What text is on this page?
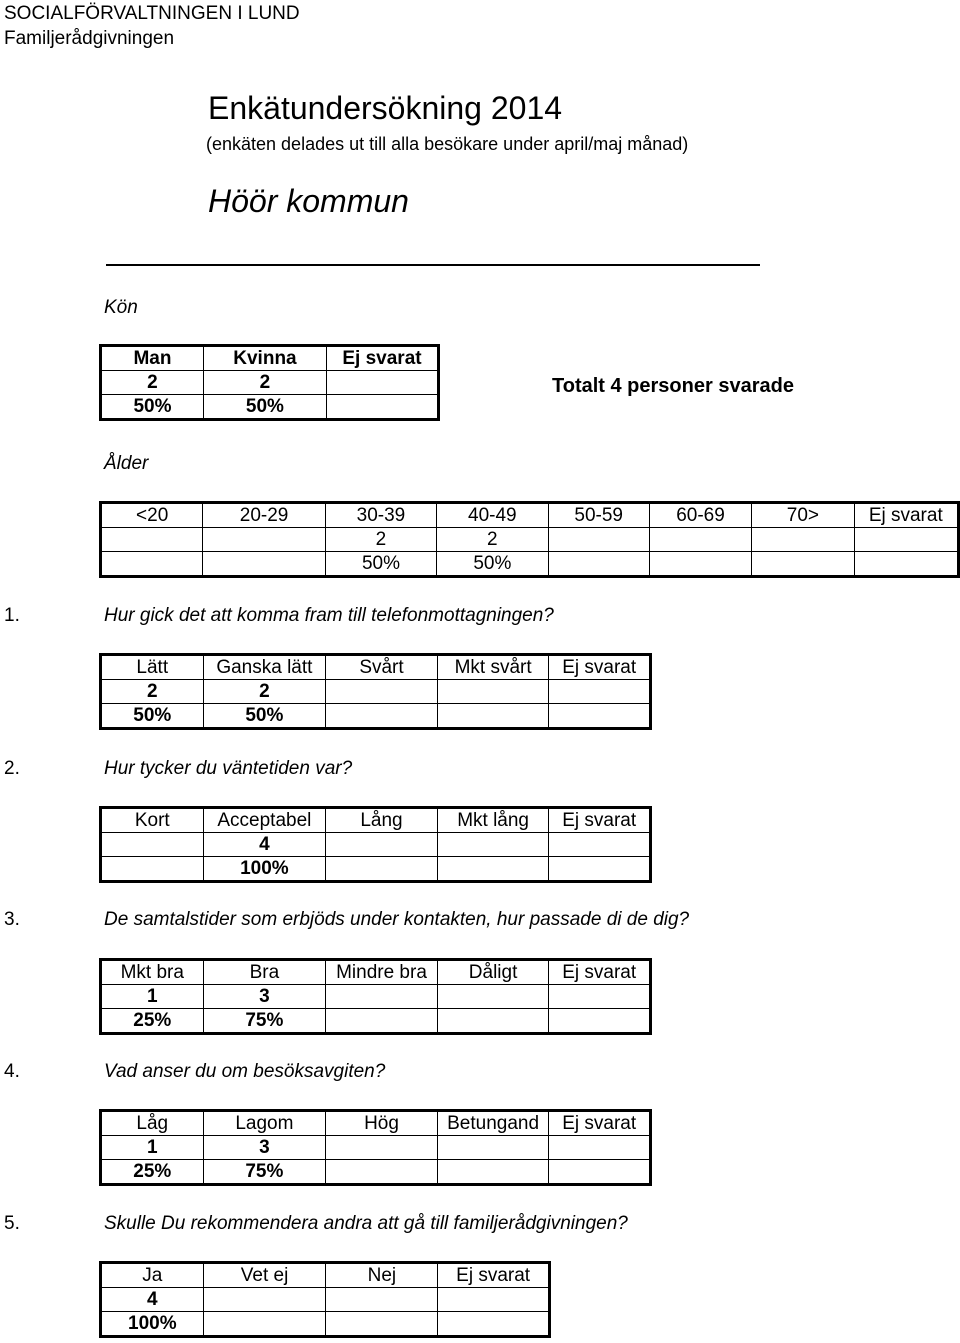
SOCIALFÖRVALTNINGEN I LUND
Familjerådgivningen
Enkätundersökning 2014
(enkäten delades ut till alla besökare under april/maj månad)
Höör kommun
Kön
Man	Kvinna	Ej svarat
2	2	
50%	50%	
Totalt 4 personer svarade
Ålder
<20	20-29	30-39	40-49	50-59	60-69	70>	Ej svarat
		2	2				
		50%	50%				
1.	Hur gick det att komma fram till telefonmottagningen?
Lätt	Ganska lätt	Svårt	Mkt svårt	Ej svarat
2	2			
50%	50%			
2.	Hur tycker du väntetiden var?
Kort	Acceptabel	Lång	Mkt lång	Ej svarat
	4			
	100%			
3.	De samtalstider som erbjöds under kontakten, hur passade di de dig?
Mkt bra	Bra	Mindre bra	Dåligt	Ej svarat
1	3			
25%	75%			
4.	Vad anser du om besöksavgiten?
Låg	Lagom	Hög	Betungand	Ej svarat
1	3			
25%	75%			
5.	Skulle Du rekommendera andra att gå till familjerådgivningen?
Ja	Vet ej	Nej	Ej svarat
4			
100%			
